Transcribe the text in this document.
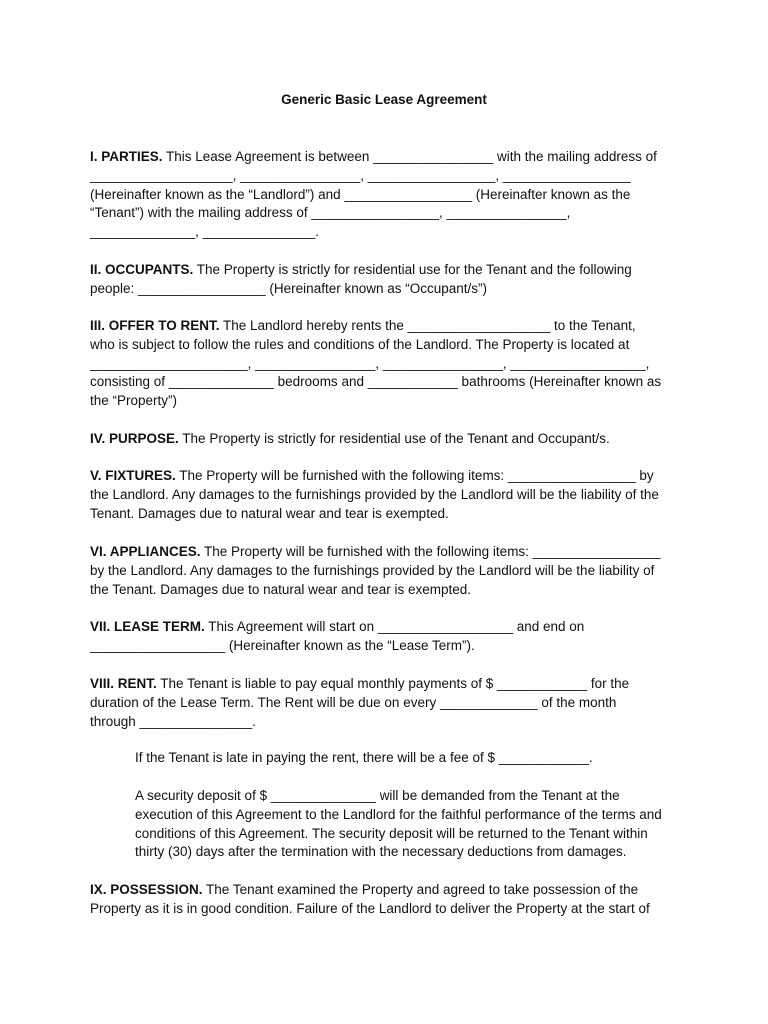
Generic Basic Lease Agreement
I. PARTIES. This Lease Agreement is between ________________ with the mailing address of
___________________, ________________, _________________, _________________
(Hereinafter known as the “Landlord”) and _________________ (Hereinafter known as the
“Tenant”) with the mailing address of _________________, ________________,
______________, _______________.
II. OCCUPANTS. The Property is strictly for residential use for the Tenant and the following
people: _________________ (Hereinafter known as “Occupant/s”)
III. OFFER TO RENT. The Landlord hereby rents the ___________________ to the Tenant,
who is subject to follow the rules and conditions of the Landlord. The Property is located at
_____________________, ________________, ________________, __________________,
consisting of ______________ bedrooms and ____________ bathrooms (Hereinafter known as
the “Property”)
IV. PURPOSE. The Property is strictly for residential use of the Tenant and Occupant/s.
V. FIXTURES. The Property will be furnished with the following items: _________________ by
the Landlord. Any damages to the furnishings provided by the Landlord will be the liability of the
Tenant. Damages due to natural wear and tear is exempted.
VI. APPLIANCES. The Property will be furnished with the following items: _________________
by the Landlord. Any damages to the furnishings provided by the Landlord will be the liability of
the Tenant. Damages due to natural wear and tear is exempted.
VII. LEASE TERM. This Agreement will start on __________________ and end on
__________________ (Hereinafter known as the “Lease Term”).
VIII. RENT. The Tenant is liable to pay equal monthly payments of $ ____________ for the
duration of the Lease Term. The Rent will be due on every _____________ of the month
through _______________.
If the Tenant is late in paying the rent, there will be a fee of $ ____________.
A security deposit of $ ______________ will be demanded from the Tenant at the
execution of this Agreement to the Landlord for the faithful performance of the terms and
conditions of this Agreement. The security deposit will be returned to the Tenant within
thirty (30) days after the termination with the necessary deductions from damages.
IX. POSSESSION. The Tenant examined the Property and agreed to take possession of the
Property as it is in good condition. Failure of the Landlord to deliver the Property at the start of
